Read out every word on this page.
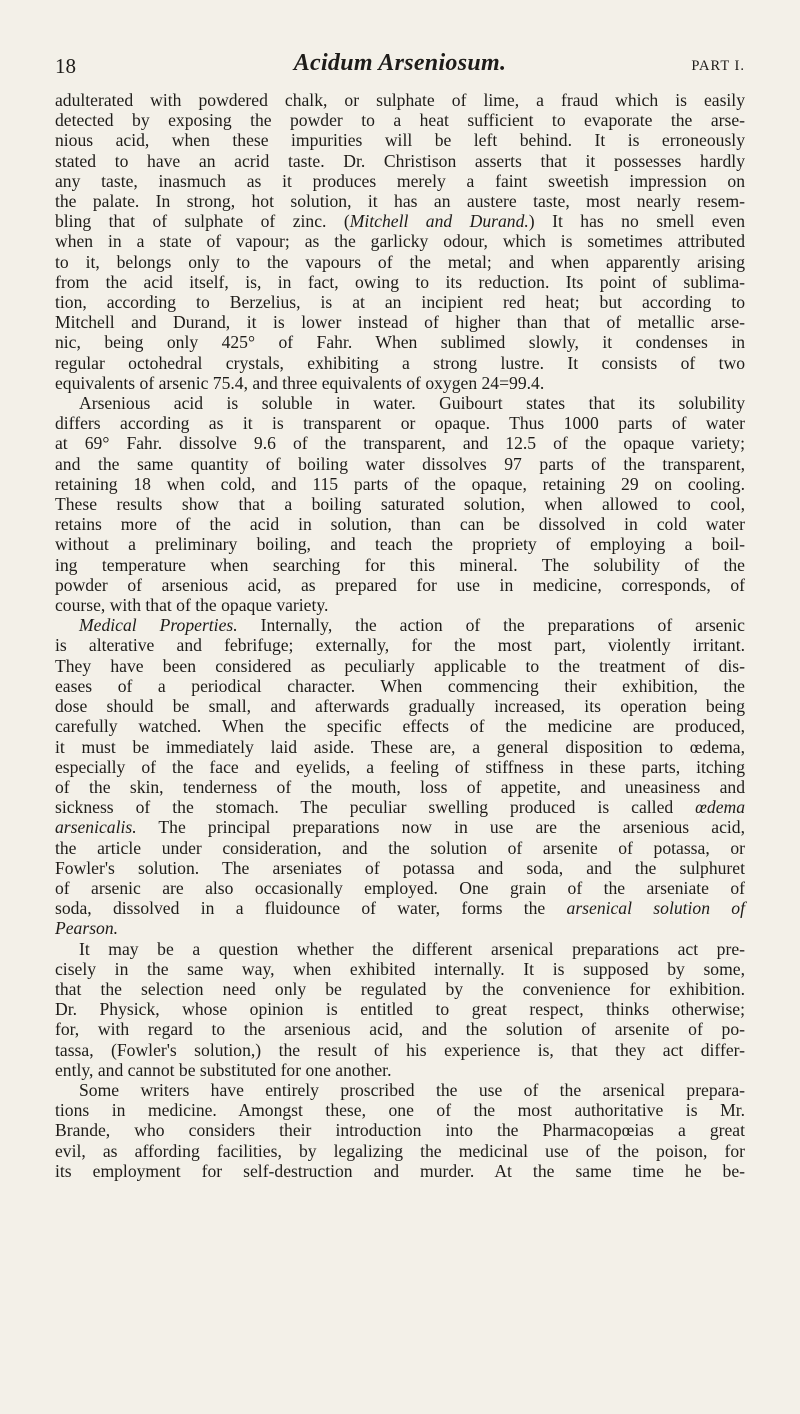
18	Acidum Arseniosum.	PART I.

adulterated with powdered chalk, or sulphate of lime, a fraud which is easily

detected by exposing the powder to a heat sufficient to evaporate the arse-

nious acid, when these impurities will be left behind. It is erroneously

stated to have an acrid taste. Dr. Christison asserts that it possesses hardly

any taste, inasmuch as it produces merely a faint sweetish impression on

the palate. In strong, hot solution, it has an austere taste, most nearly resem-

bling that of sulphate of zinc. (Mitchell and Durand.) It has no smell even

when in a state of vapour; as the garlicky odour, which is sometimes attributed

to it, belongs only to the vapours of the metal; and when apparently arising

from the acid itself, is, in fact, owing to its reduction. Its point of sublima-

tion, according to Berzelius, is at an incipient red heat; but according to

Mitchell and Durand, it is lower instead of higher than that of metallic arse-

nic, being only 425° of Fahr. When sublimed slowly, it condenses in

regular octohedral crystals, exhibiting a strong lustre. It consists of two

equivalents of arsenic 75.4, and three equivalents of oxygen 24=99.4.

Arsenious acid is soluble in water. Guibourt states that its solubility

differs according as it is transparent or opaque. Thus 1000 parts of water

at 69° Fahr. dissolve 9.6 of the transparent, and 12.5 of the opaque variety;

and the same quantity of boiling water dissolves 97 parts of the transparent,

retaining 18 when cold, and 115 parts of the opaque, retaining 29 on cooling.

These results show that a boiling saturated solution, when allowed to cool,

retains more of the acid in solution, than can be dissolved in cold water

without a preliminary boiling, and teach the propriety of employing a boil-

ing temperature when searching for this mineral. The solubility of the

powder of arsenious acid, as prepared for use in medicine, corresponds, of

course, with that of the opaque variety.

Medical Properties. Internally, the action of the preparations of arsenic

is alterative and febrifuge; externally, for the most part, violently irritant.

They have been considered as peculiarly applicable to the treatment of dis-

eases of a periodical character. When commencing their exhibition, the

dose should be small, and afterwards gradually increased, its operation being

carefully watched. When the specific effects of the medicine are produced,

it must be immediately laid aside. These are, a general disposition to œdema,

especially of the face and eyelids, a feeling of stiffness in these parts, itching

of the skin, tenderness of the mouth, loss of appetite, and uneasiness and

sickness of the stomach. The peculiar swelling produced is called œdema

arsenicalis. The principal preparations now in use are the arsenious acid,

the article under consideration, and the solution of arsenite of potassa, or

Fowler's solution. The arseniates of potassa and soda, and the sulphuret

of arsenic are also occasionally employed. One grain of the arseniate of

soda, dissolved in a fluidounce of water, forms the arsenical solution of

Pearson.

It may be a question whether the different arsenical preparations act pre-

cisely in the same way, when exhibited internally. It is supposed by some,

that the selection need only be regulated by the convenience for exhibition.

Dr. Physick, whose opinion is entitled to great respect, thinks otherwise;

for, with regard to the arsenious acid, and the solution of arsenite of po-

tassa, (Fowler's solution,) the result of his experience is, that they act differ-

ently, and cannot be substituted for one another.

Some writers have entirely proscribed the use of the arsenical prepara-

tions in medicine. Amongst these, one of the most authoritative is Mr.

Brande, who considers their introduction into the Pharmacopœias a great

evil, as affording facilities, by legalizing the medicinal use of the poison, for

its employment for self-destruction and murder. At the same time he be-
